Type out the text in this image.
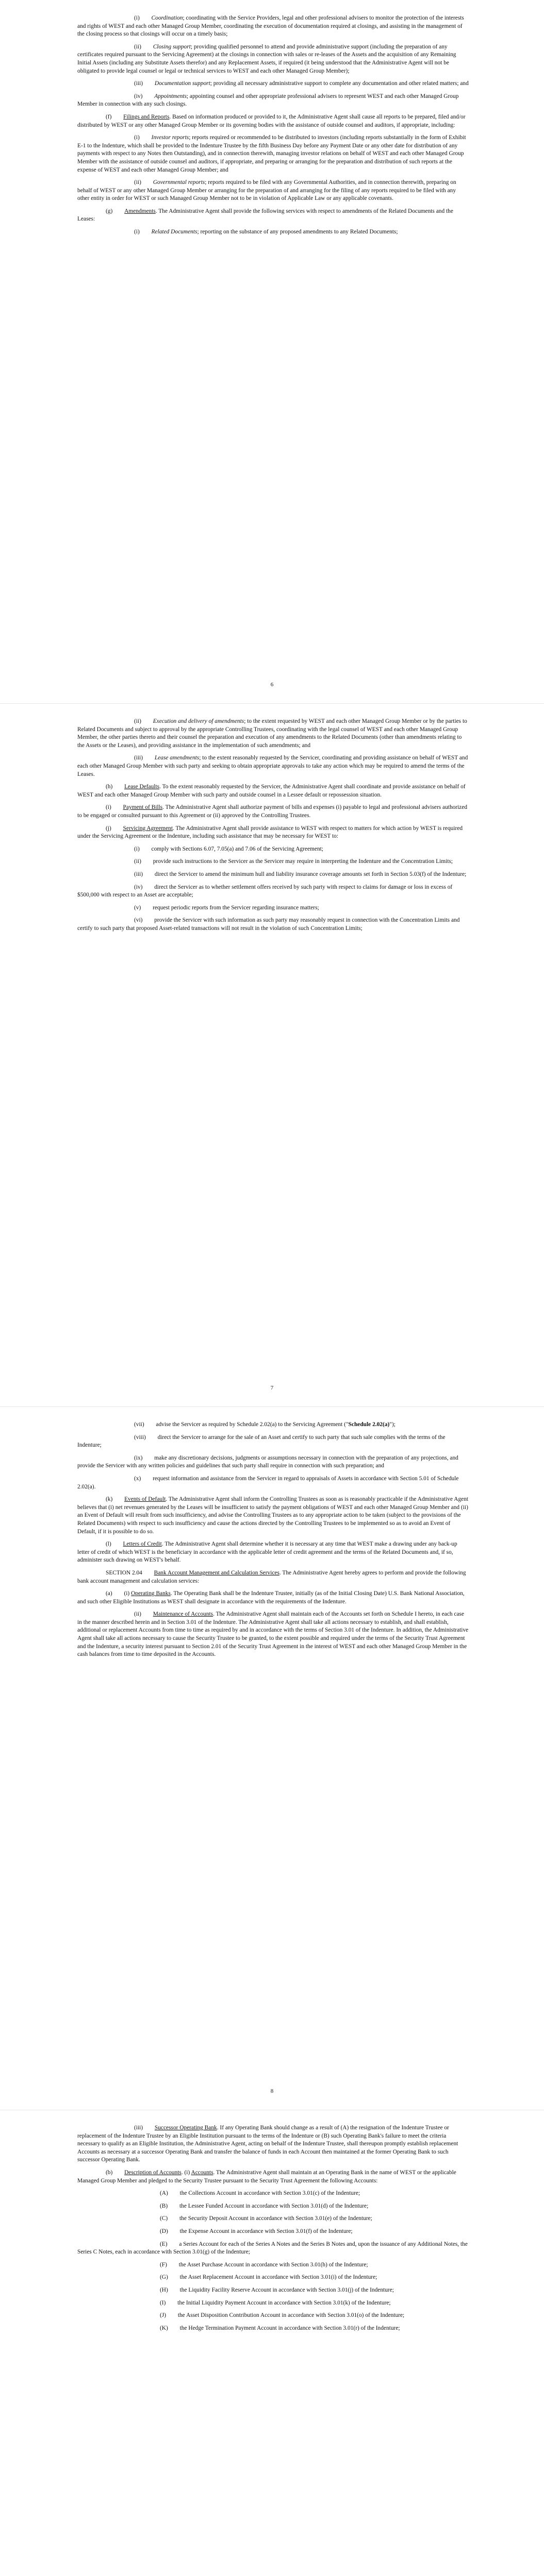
(i) Coordination; coordinating with the Service Providers, legal and other professional advisers to monitor the protection of the interests and rights of WEST and each other Managed Group Member, coordinating the execution of documentation required at closings, and assisting in the management of the closing process so that closings will occur on a timely basis;

(ii) Closing support; providing qualified personnel to attend and provide administrative support (including the preparation of any certificates required pursuant to the Servicing Agreement) at the closings in connection with sales or re-leases of the Assets and the acquisition of any Remaining Initial Assets (including any Substitute Assets therefor) and any Replacement Assets, if required (it being understood that the Administrative Agent will not be obligated to provide legal counsel or legal or technical services to WEST and each other Managed Group Member);

(iii) Documentation support; providing all necessary administrative support to complete any documentation and other related matters; and

(iv) Appointments; appointing counsel and other appropriate professional advisers to represent WEST and each other Managed Group Member in connection with any such closings.

(f) Filings and Reports. Based on information produced or provided to it, the Administrative Agent shall cause all reports to be prepared, filed and/or distributed by WEST or any other Managed Group Member or its governing bodies with the assistance of outside counsel and auditors, if appropriate, including:

(i) Investor reports; reports required or recommended to be distributed to investors (including reports substantially in the form of Exhibit E-1 to the Indenture, which shall be provided to the Indenture Trustee by the fifth Business Day before any Payment Date or any other date for distribution of any payments with respect to any Notes then Outstanding), and in connection therewith, managing investor relations on behalf of WEST and each other Managed Group Member with the assistance of outside counsel and auditors, if appropriate, and preparing or arranging for the preparation and distribution of such reports at the expense of WEST and each other Managed Group Member; and

(ii) Governmental reports; reports required to be filed with any Governmental Authorities, and in connection therewith, preparing on behalf of WEST or any other Managed Group Member or arranging for the preparation of and arranging for the filing of any reports required to be filed with any other entity in order for WEST or such Managed Group Member not to be in violation of Applicable Law or any applicable covenants.

(g) Amendments. The Administrative Agent shall provide the following services with respect to amendments of the Related Documents and the Leases:

(i) Related Documents; reporting on the substance of any proposed amendments to any Related Documents;

6

(ii) Execution and delivery of amendments; to the extent requested by WEST and each other Managed Group Member or by the parties to Related Documents and subject to approval by the appropriate Controlling Trustees, coordinating with the legal counsel of WEST and each other Managed Group Member, the other parties thereto and their counsel the preparation and execution of any amendments to the Related Documents (other than amendments relating to the Assets or the Leases), and providing assistance in the implementation of such amendments; and

(iii) Lease amendments; to the extent reasonably requested by the Servicer, coordinating and providing assistance on behalf of WEST and each other Managed Group Member with such party and seeking to obtain appropriate approvals to take any action which may be required to amend the terms of the Leases.

(h) Lease Defaults. To the extent reasonably requested by the Servicer, the Administrative Agent shall coordinate and provide assistance on behalf of WEST and each other Managed Group Member with such party and outside counsel in a Lessee default or repossession situation.

(i) Payment of Bills. The Administrative Agent shall authorize payment of bills and expenses (i) payable to legal and professional advisers authorized to be engaged or consulted pursuant to this Agreement or (ii) approved by the Controlling Trustees.

(j) Servicing Agreement. The Administrative Agent shall provide assistance to WEST with respect to matters for which action by WEST is required under the Servicing Agreement or the Indenture, including such assistance that may be necessary for WEST to:

(i) comply with Sections 6.07, 7.05(a) and 7.06 of the Servicing Agreement;

(ii) provide such instructions to the Servicer as the Servicer may require in interpreting the Indenture and the Concentration Limits;

(iii) direct the Servicer to amend the minimum hull and liability insurance coverage amounts set forth in Section 5.03(f) of the Indenture;

(iv) direct the Servicer as to whether settlement offers received by such party with respect to claims for damage or loss in excess of $500,000 with respect to an Asset are acceptable;

(v) request periodic reports from the Servicer regarding insurance matters;

(vi) provide the Servicer with such information as such party may reasonably request in connection with the Concentration Limits and certify to such party that proposed Asset-related transactions will not result in the violation of such Concentration Limits;

7

(vii) advise the Servicer as required by Schedule 2.02(a) to the Servicing Agreement ("Schedule 2.02(a)");

(viii) direct the Servicer to arrange for the sale of an Asset and certify to such party that such sale complies with the terms of the Indenture;

(ix) make any discretionary decisions, judgments or assumptions necessary in connection with the preparation of any projections, and provide the Servicer with any written policies and guidelines that such party shall require in connection with such preparation; and

(x) request information and assistance from the Servicer in regard to appraisals of Assets in accordance with Section 5.01 of Schedule 2.02(a).

(k) Events of Default. The Administrative Agent shall inform the Controlling Trustees as soon as is reasonably practicable if the Administrative Agent believes that (i) net revenues generated by the Leases will be insufficient to satisfy the payment obligations of WEST and each other Managed Group Member and (ii) an Event of Default will result from such insufficiency, and advise the Controlling Trustees as to any appropriate action to be taken (subject to the provisions of the Related Documents) with respect to such insufficiency and cause the actions directed by the Controlling Trustees to be implemented so as to avoid an Event of Default, if it is possible to do so.

(l) Letters of Credit. The Administrative Agent shall determine whether it is necessary at any time that WEST make a drawing under any back-up letter of credit of which WEST is the beneficiary in accordance with the applicable letter of credit agreement and the terms of the Related Documents and, if so, administer such drawing on WEST's behalf.

SECTION 2.04 Bank Account Management and Calculation Services. The Administrative Agent hereby agrees to perform and provide the following bank account management and calculation services:

(a) (i) Operating Banks. The Operating Bank shall be the Indenture Trustee, initially (as of the Initial Closing Date) U.S. Bank National Association, and such other Eligible Institutions as WEST shall designate in accordance with the requirements of the Indenture.

(ii) Maintenance of Accounts. The Administrative Agent shall maintain each of the Accounts set forth on Schedule I hereto, in each case in the manner described herein and in Section 3.01 of the Indenture. The Administrative Agent shall take all actions necessary to establish, and shall establish, additional or replacement Accounts from time to time as required by and in accordance with the terms of Section 3.01 of the Indenture. In addition, the Administrative Agent shall take all actions necessary to cause the Security Trustee to be granted, to the extent possible and required under the terms of the Security Trust Agreement and the Indenture, a security interest pursuant to Section 2.01 of the Security Trust Agreement in the interest of WEST and each other Managed Group Member in the cash balances from time to time deposited in the Accounts.

8

(iii) Successor Operating Bank. If any Operating Bank should change as a result of (A) the resignation of the Indenture Trustee or replacement of the Indenture Trustee by an Eligible Institution pursuant to the terms of the Indenture or (B) such Operating Bank's failure to meet the criteria necessary to qualify as an Eligible Institution, the Administrative Agent, acting on behalf of the Indenture Trustee, shall thereupon promptly establish replacement Accounts as necessary at a successor Operating Bank and transfer the balance of funds in each Account then maintained at the former Operating Bank to such successor Operating Bank.

(b) Description of Accounts. (i) Accounts. The Administrative Agent shall maintain at an Operating Bank in the name of WEST or the applicable Managed Group Member and pledged to the Security Trustee pursuant to the Security Trust Agreement the following Accounts:

(A) the Collections Account in accordance with Section 3.01(c) of the Indenture;

(B) the Lessee Funded Account in accordance with Section 3.01(d) of the Indenture;

(C) the Security Deposit Account in accordance with Section 3.01(e) of the Indenture;

(D) the Expense Account in accordance with Section 3.01(f) of the Indenture;

(E) a Series Account for each of the Series A Notes and the Series B Notes and, upon the issuance of any Additional Notes, the Series C Notes, each in accordance with Section 3.01(g) of the Indenture;

(F) the Asset Purchase Account in accordance with Section 3.01(h) of the Indenture;

(G) the Asset Replacement Account in accordance with Section 3.01(i) of the Indenture;

(H) the Liquidity Facility Reserve Account in accordance with Section 3.01(j) of the Indenture;

(I) the Initial Liquidity Payment Account in accordance with Section 3.01(k) of the Indenture;

(J) the Asset Disposition Contribution Account in accordance with Section 3.01(o) of the Indenture;

(K) the Hedge Termination Payment Account in accordance with Section 3.01(r) of the Indenture;
